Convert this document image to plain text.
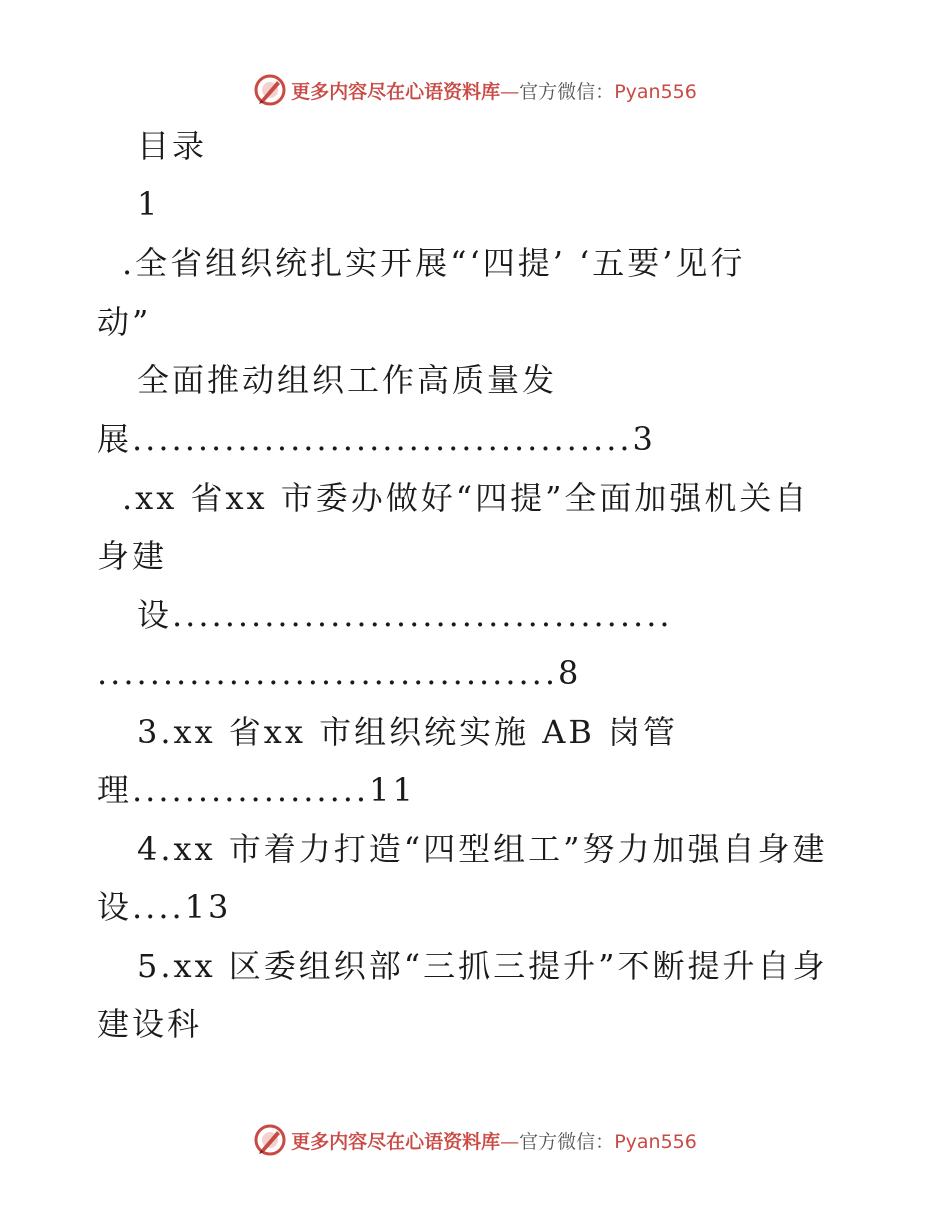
更多内容尽在心语资料库—官方微信：Pyan556
目录
1
.全省组织统扎实开展“‘四提’ ‘五要’见行
动”
全面推动组织工作高质量发
展......................................3
.xx 省xx 市委办做好“四提”全面加强机关自
身建
设......................................
...................................8
3.xx 省xx 市组织统实施 AB 岗管
理..................11
4.xx 市着力打造“四型组工”努力加强自身建
设....13
5.xx 区委组织部“三抓三提升”不断提升自身
建设科
更多内容尽在心语资料库—官方微信：Pyan556
